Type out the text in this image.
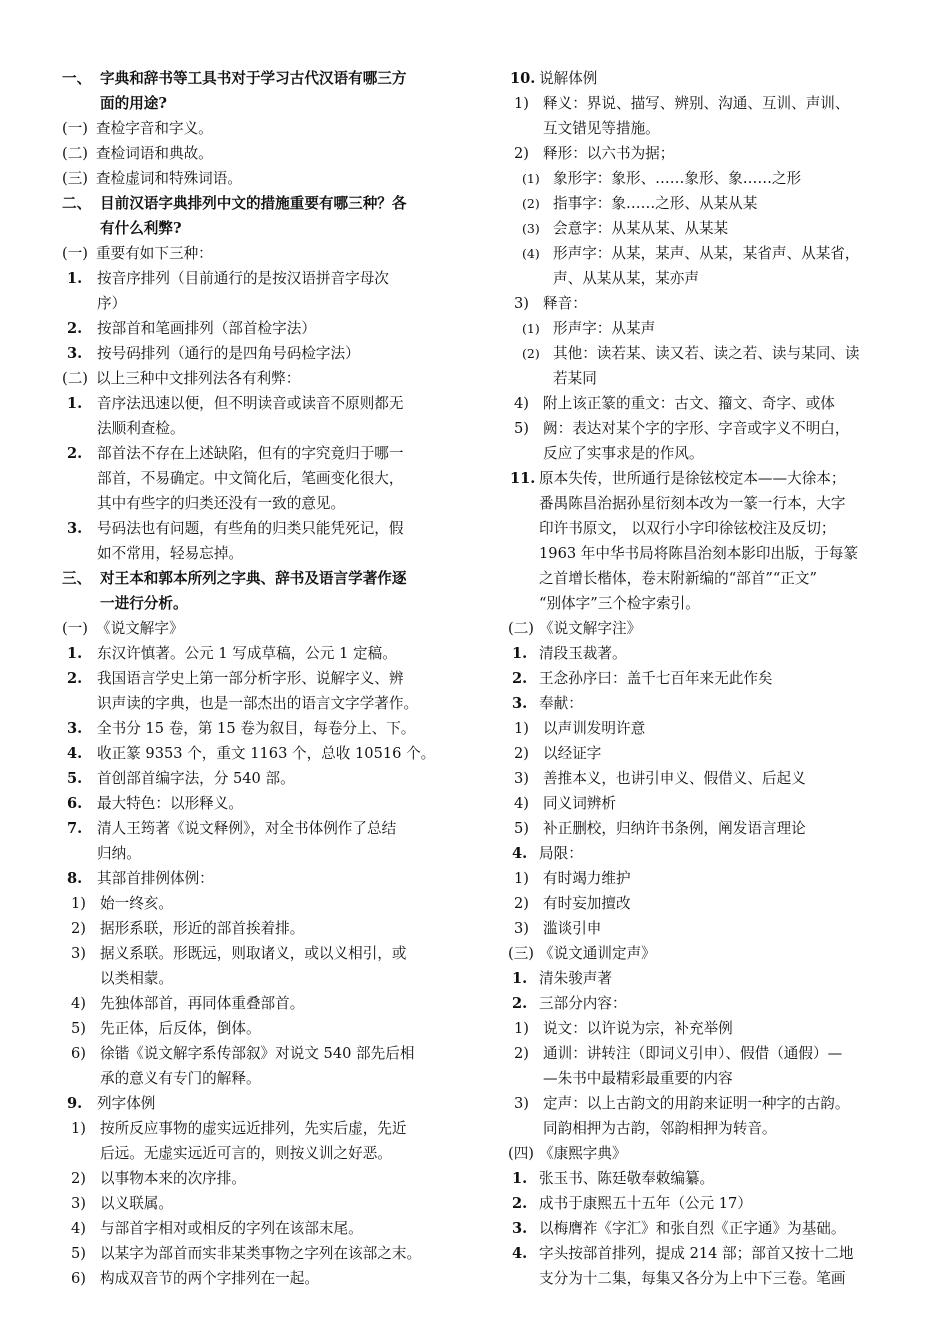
一、 字典和辞书等工具书对于学习古代汉语有哪三方
面的用途?
(一) 查检字音和字义。
(二) 查检词语和典故。
(三) 查检虚词和特殊词语。
二、 目前汉语字典排列中文的措施重要有哪三种？各
有什么利弊?
(一) 重要有如下三种：
1. 按音序排列（目前通行的是按汉语拼音字母次
序）
2. 按部首和笔画排列（部首检字法）
3. 按号码排列（通行的是四角号码检字法）
(二) 以上三种中文排列法各有利弊：
1. 音序法迅速以便，但不明读音或读音不原则都无
法顺利查检。
2. 部首法不存在上述缺陷，但有的字究竟归于哪一
部首，不易确定。中文简化后，笔画变化很大，
其中有些字的归类还没有一致的意见。
3. 号码法也有问题，有些角的归类只能凭死记，假
如不常用，轻易忘掉。
三、 对王本和郭本所列之字典、辞书及语言学著作逐
一进行分析。
(一) 《说文解字》
1. 东汉许慎著。公元 1 写成草稿，公元 1 定稿。
2. 我国语言学史上第一部分析字形、说解字义、辨
识声读的字典，也是一部杰出的语言文字学著作。
3. 全书分 15 卷，第 15 卷为叙目，每卷分上、下。
4. 收正篆 9353 个，重文 1163 个，总收 10516 个。
5. 首创部首编字法，分 540 部。
6. 最大特色：以形释义。
7. 清人王筠著《说文释例》，对全书体例作了总结
归纳。
8. 其部首排例体例：
1) 始一终亥。
2) 据形系联，形近的部首挨着排。
3) 据义系联。形既远，则取诸义，或以义相引，或
以类相蒙。
4) 先独体部首，再同体重叠部首。
5) 先正体，后反体，倒体。
6) 徐锴《说文解字系传部叙》对说文 540 部先后相
承的意义有专门的解释。
9. 列字体例
1) 按所反应事物的虚实远近排列，先实后虚，先近
后远。无虚实远近可言的，则按义训之好恶。
2) 以事物本来的次序排。
3) 以义联属。
4) 与部首字相对或相反的字列在该部末尾。
5) 以某字为部首而实非某类事物之字列在该部之末。
6) 构成双音节的两个字排列在一起。
10. 说解体例
1) 释义：界说、描写、辨别、沟通、互训、声训、
互文错见等措施。
2) 释形：以六书为据；
(1) 象形字：象形、……象形、象……之形
(2) 指事字：象……之形、从某从某
(3) 会意字：从某从某、从某某
(4) 形声字：从某，某声、从某，某省声、从某省，
声、从某从某，某亦声
3) 释音：
(1) 形声字：从某声
(2) 其他：读若某、读又若、读之若、读与某同、读
若某同
4) 附上该正篆的重文：古文、籀文、奇字、或体
5) 阙：表达对某个字的字形、字音或字义不明白，
反应了实事求是的作风。
11. 原本失传，世所通行是徐铉校定本——大徐本；
番禺陈昌治据孙星衍刻本改为一篆一行本，大字
印许书原文， 以双行小字印徐铉校注及反切；
1963 年中华书局将陈昌治刻本影印出版，于每篆
之首增长楷体，卷末附新编的“部首”“正文”
“别体字”三个检字索引。
(二) 《说文解字注》
1. 清段玉裁著。
2. 王念孙序曰：盖千七百年来无此作矣
3. 奉献：
1) 以声训发明许意
2) 以经证字
3) 善推本义，也讲引申义、假借义、后起义
4) 同义词辨析
5) 补正删校，归纳许书条例，阐发语言理论
4. 局限：
1) 有时竭力维护
2) 有时妄加擅改
3) 滥谈引申
(三) 《说文通训定声》
1. 清朱骏声著
2. 三部分内容：
1) 说文：以许说为宗，补充举例
2) 通训：讲转注（即词义引申）、假借（通假）—
—朱书中最精彩最重要的内容
3) 定声：以上古韵文的用韵来证明一种字的古韵。
同韵相押为古韵，邻韵相押为转音。
(四) 《康熙字典》
1. 张玉书、陈廷敬奉敕编纂。
2. 成书于康熙五十五年（公元 17）
3. 以梅膺祚《字汇》和张自烈《正字通》为基础。
4. 字头按部首排列，提成 214 部；部首又按十二地
支分为十二集，每集又各分为上中下三卷。笔画
